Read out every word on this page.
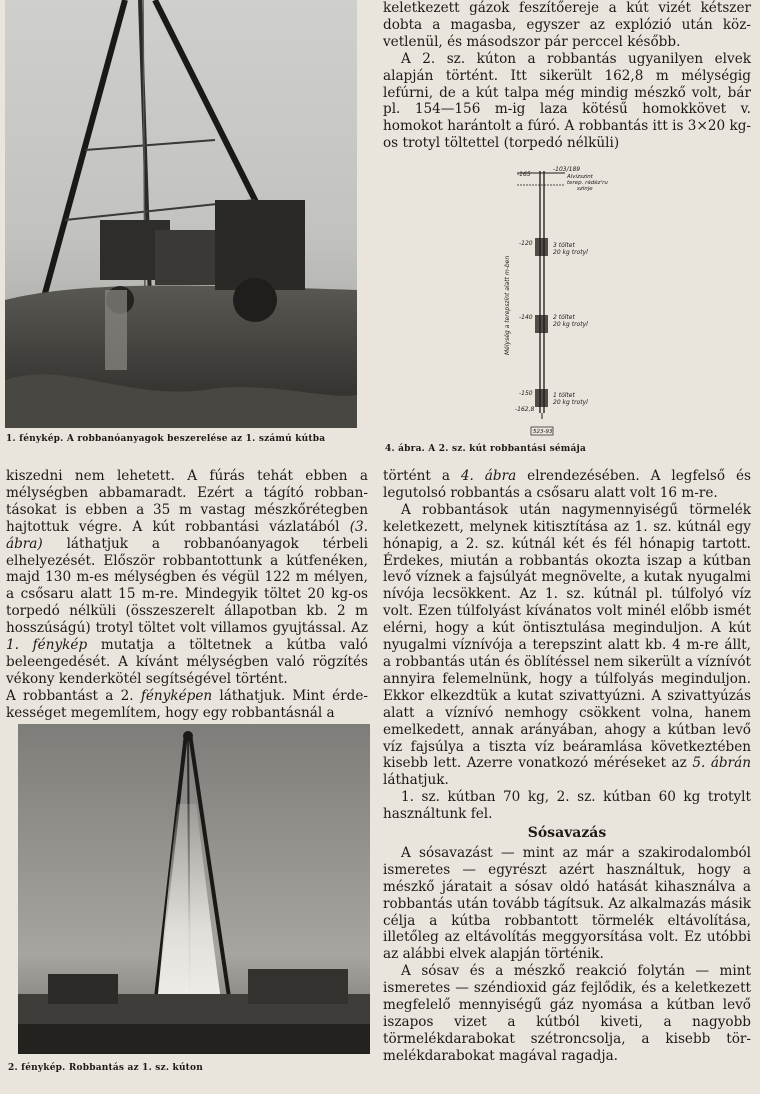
1. fénykép. A robbanóanyagok beszerelése az 1. számú kútba
2. fénykép. Robbantás az 1. sz. kúton
-165
-103/189
Alvízszint
terep. rádéz'ru
szinje
Mélység a terepszínt alatt m-ben
-120	3 töltet
20 kg trotyl
-140	2 töltet
20 kg trotyl
-150	1 töltet
20 kg trotyl
-162,8
523-93
4. ábra. A 2. sz. kút robbantási sémája

keletkezett gázok feszítőereje a kút vizét kétszer dobta a magasba, egyszer az explózió után közvetlenül, és másodszor pár perccel később.

A 2. sz. kúton a robbantás ugyanilyen elvek alapján történt. Itt sikerült 162,8 m mélységig lefúrni, de a kút talpa még mindig mészkő volt, bár pl. 154—156 m-ig laza kötésű homokkövet v. homokot harántolt a fúró. A robbantás itt is 3×20 kg-os trotyl töltettel (torpedó nélküli)

kiszedni nem lehetett. A fúrás tehát ebben a mélységben abbamaradt. Ezért a tágító robbantásokat is ebben a 35 m vastag mészkőrétegben hajtottuk végre. A kút robbantási vázlatából (3. ábra) láthatjuk a robbanóanyagok térbeli elhelyezését. Először robbantottunk a kútfenéken, majd 130 m-es mélységben és végül 122 m mélyen, a csősaru alatt 15 m-re. Mindegyik töltet 20 kg-os torpedó nélküli (összeszerelt állapotban kb. 2 m hosszúságú) trotyl töltet volt villamos gyujtással. Az 1. fénykép mutatja a töltetnek a kútba való beleengedését. A kívánt mélységben való rögzítés vékony kenderkötél segítségével történt.

A robbantást a 2. fényképen láthatjuk. Mint érdekességet megemlítem, hogy egy robbantásnál a

történt a 4. ábra elrendezésében. A legfelső és legutolsó robbantás a csősaru alatt volt 16 m-re.

A robbantások után nagymennyiségű törmelék keletkezett, melynek kitisztítása az 1. sz. kútnál egy hónapig, a 2. sz. kútnál két és fél hónapig tartott. Érdekes, miután a robbantás okozta iszap a kútban levő víznek a fajsúlyát megnövelte, a kutak nyugalmi nívója lecsökkent. Az 1. sz. kútnál pl. túlfolyó víz volt. Ezen túlfolyást kívánatos volt minél előbb ismét elérni, hogy a kút öntisztulása meginduljon. A kút nyugalmi víznívója a terepszint alatt kb. 4 m-re állt, a robbantás után és öblítéssel nem sikerült a víznívót annyira felemelnünk, hogy a túlfolyás meginduljon. Ekkor elkezdtük a kutat szivattyúzni. A szivattyúzás alatt a víznívó nemhogy csökkent volna, hanem emelkedett, annak arányában, ahogy a kútban levő víz fajsúlya a tiszta víz beáramlása következtében kisebb lett. Azerre vonatkozó méréseket az 5. ábrán láthatjuk.

1. sz. kútban 70 kg, 2. sz. kútban 60 kg trotylt használtunk fel.

Sósavazás

A sósavazást — mint az már a szakirodalomból ismeretes — egyrészt azért használtuk, hogy a mészkő járatait a sósav oldó hatását kihasználva a robbantás után tovább tágítsuk. Az alkalmazás másik célja a kútba robbantott törmelék eltávolítása, illetőleg az eltávolítás meggyorsítása volt. Ez utóbbi az alábbi elvek alapján történik.

A sósav és a mészkő reakció folytán — mint ismeretes — széndioxid gáz fejlődik, és a keletkezett megfelelő mennyiségű gáz nyomása a kútban levő iszapos vizet a kútból kiveti, a nagyobb törmelékdarabokat szétroncsolja, a kisebb törmelékdarabokat magával ragadja.
